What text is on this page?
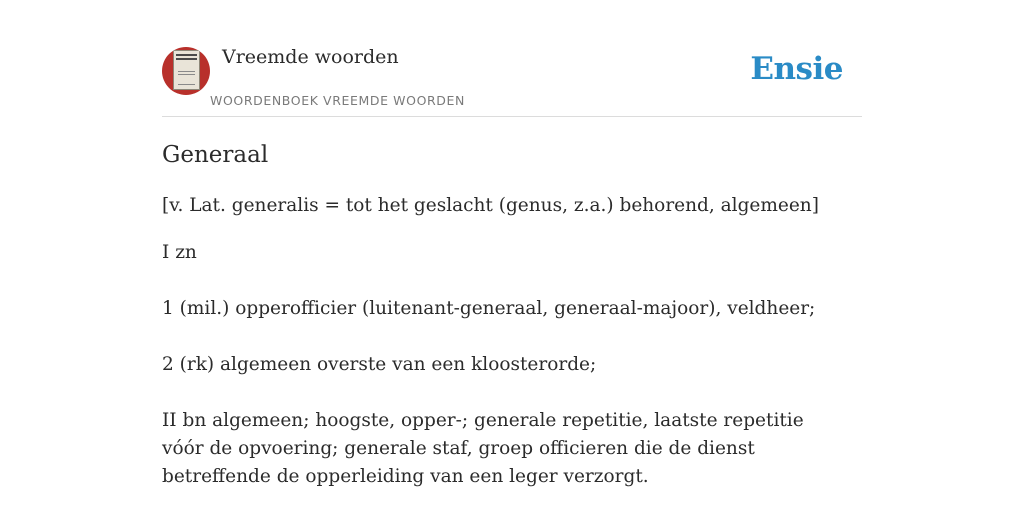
Vreemde woorden
WOORDENBOEK VREEMDE WOORDEN
Ensie
Generaal

[v. Lat. generalis = tot het geslacht (genus, z.a.) behorend, algemeen]

I zn

1 (mil.) opperofficier (luitenant-generaal, generaal-majoor), veldheer;

2 (rk) algemeen overste van een kloosterorde;

II bn algemeen; hoogste, opper-; generale repetitie, laatste repetitie vóór de opvoering; generale staf, groep officieren die de dienst betreffende de opperleiding van een leger verzorgt.
